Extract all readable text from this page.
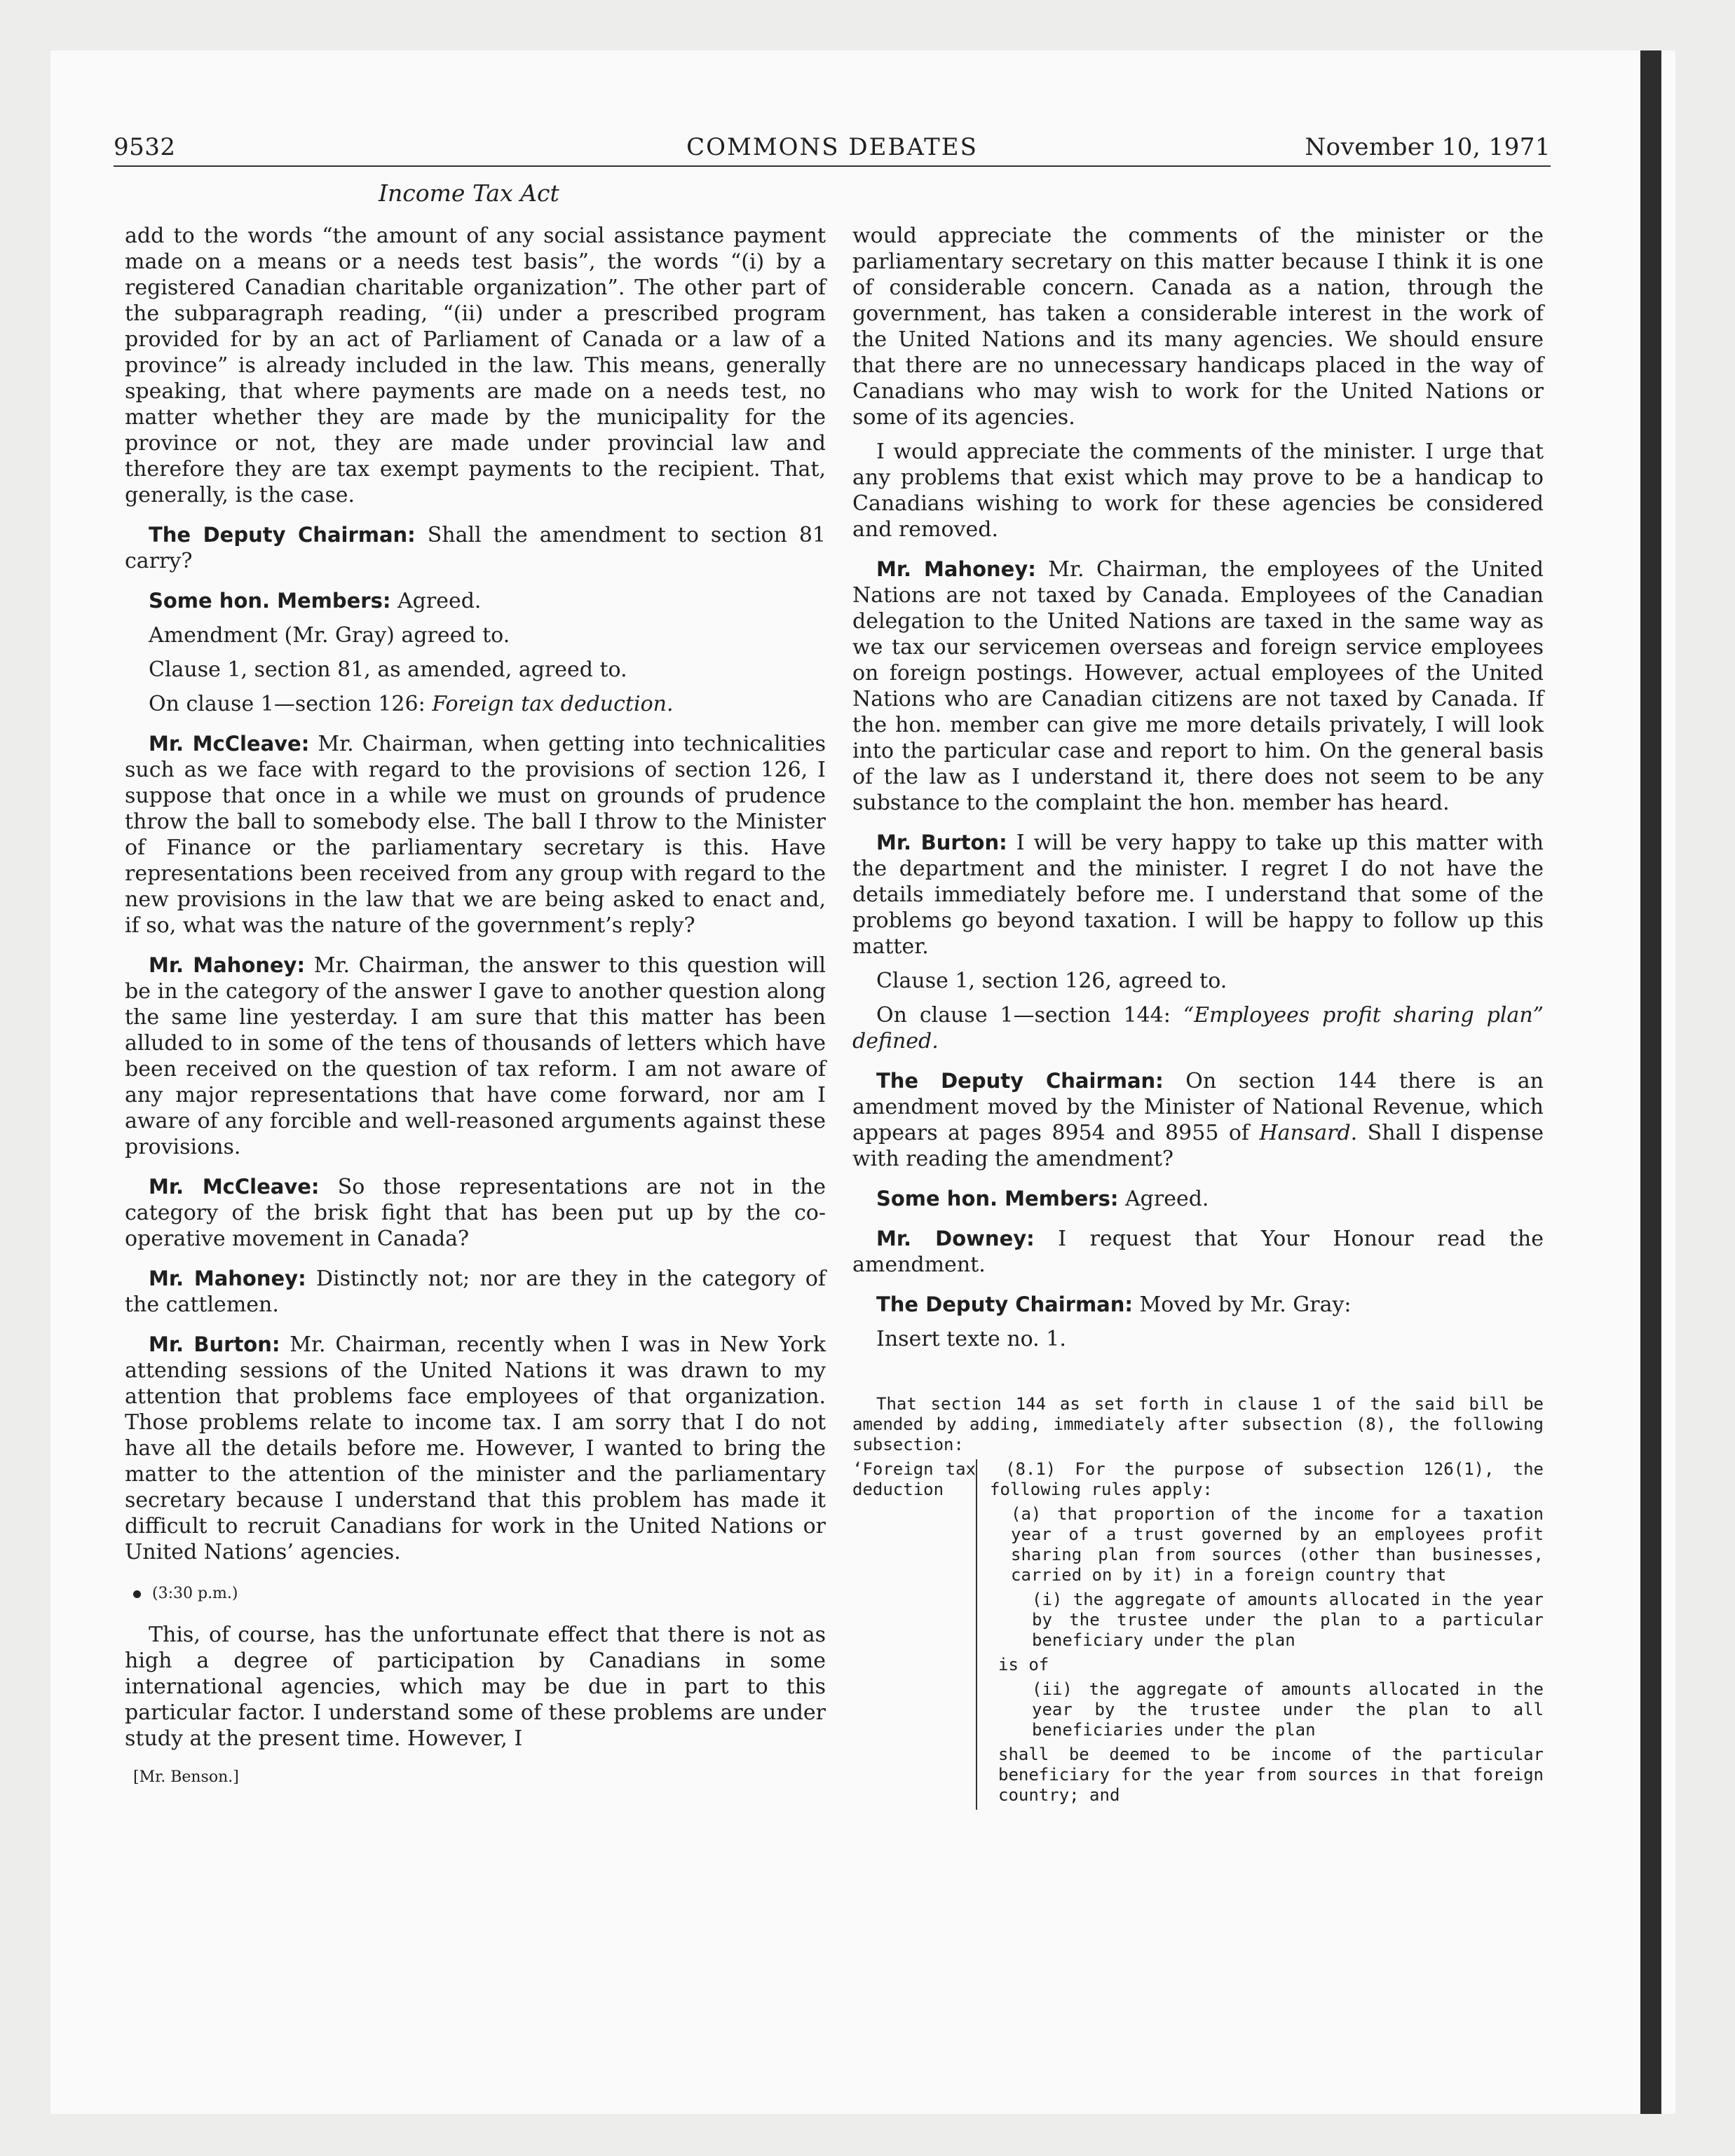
9532	COMMONS DEBATES	November 10, 1971
Income Tax Act

add to the words “the amount of any social assistance payment made on a means or a needs test basis”, the words “(i) by a registered Canadian charitable organization”. The other part of the subparagraph reading, “(ii) under a prescribed program provided for by an act of Parliament of Canada or a law of a province” is already included in the law. This means, generally speaking, that where payments are made on a needs test, no matter whether they are made by the municipality for the province or not, they are made under provincial law and therefore they are tax exempt payments to the recipient. That, generally, is the case.

The Deputy Chairman: Shall the amendment to section 81 carry?

Some hon. Members: Agreed.

Amendment (Mr. Gray) agreed to.

Clause 1, section 81, as amended, agreed to.

On clause 1—section 126: Foreign tax deduction.

Mr. McCleave: Mr. Chairman, when getting into technicalities such as we face with regard to the provisions of section 126, I suppose that once in a while we must on grounds of prudence throw the ball to somebody else. The ball I throw to the Minister of Finance or the parliamentary secretary is this. Have representations been received from any group with regard to the new provisions in the law that we are being asked to enact and, if so, what was the nature of the government’s reply?

Mr. Mahoney: Mr. Chairman, the answer to this question will be in the category of the answer I gave to another question along the same line yesterday. I am sure that this matter has been alluded to in some of the tens of thousands of letters which have been received on the question of tax reform. I am not aware of any major representations that have come forward, nor am I aware of any forcible and well-reasoned arguments against these provisions.

Mr. McCleave: So those representations are not in the category of the brisk fight that has been put up by the co-operative movement in Canada?

Mr. Mahoney: Distinctly not; nor are they in the category of the cattlemen.

Mr. Burton: Mr. Chairman, recently when I was in New York attending sessions of the United Nations it was drawn to my attention that problems face employees of that organization. Those problems relate to income tax. I am sorry that I do not have all the details before me. However, I wanted to bring the matter to the attention of the minister and the parliamentary secretary because I understand that this problem has made it difficult to recruit Canadians for work in the United Nations or United Nations’ agencies.

(3:30 p.m.)

This, of course, has the unfortunate effect that there is not as high a degree of participation by Canadians in some international agencies, which may be due in part to this particular factor. I understand some of these problems are under study at the present time. However, I

[Mr. Benson.]

would appreciate the comments of the minister or the parliamentary secretary on this matter because I think it is one of considerable concern. Canada as a nation, through the government, has taken a considerable interest in the work of the United Nations and its many agencies. We should ensure that there are no unnecessary handicaps placed in the way of Canadians who may wish to work for the United Nations or some of its agencies.

I would appreciate the comments of the minister. I urge that any problems that exist which may prove to be a handicap to Canadians wishing to work for these agencies be considered and removed.

Mr. Mahoney: Mr. Chairman, the employees of the United Nations are not taxed by Canada. Employees of the Canadian delegation to the United Nations are taxed in the same way as we tax our servicemen overseas and foreign service employees on foreign postings. However, actual employees of the United Nations who are Canadian citizens are not taxed by Canada. If the hon. member can give me more details privately, I will look into the particular case and report to him. On the general basis of the law as I understand it, there does not seem to be any substance to the complaint the hon. member has heard.

Mr. Burton: I will be very happy to take up this matter with the department and the minister. I regret I do not have the details immediately before me. I understand that some of the problems go beyond taxation. I will be happy to follow up this matter.

Clause 1, section 126, agreed to.

On clause 1—section 144: “Employees profit sharing plan” defined.

The Deputy Chairman: On section 144 there is an amendment moved by the Minister of National Revenue, which appears at pages 8954 and 8955 of Hansard. Shall I dispense with reading the amendment?

Some hon. Members: Agreed.

Mr. Downey: I request that Your Honour read the amendment.

The Deputy Chairman: Moved by Mr. Gray:

Insert texte no. 1.

That section 144 as set forth in clause 1 of the said bill be amended by adding, immediately after subsection (8), the following subsection:

‘Foreign tax deduction

(8.1) For the purpose of subsection 126(1), the following rules apply:

(a) that proportion of the income for a taxation year of a trust governed by an employees profit sharing plan from sources (other than businesses, carried on by it) in a foreign country that

(i) the aggregate of amounts allocated in the year by the trustee under the plan to a particular beneficiary under the plan

is of

(ii) the aggregate of amounts allocated in the year by the trustee under the plan to all beneficiaries under the plan

shall be deemed to be income of the particular beneficiary for the year from sources in that foreign country; and
